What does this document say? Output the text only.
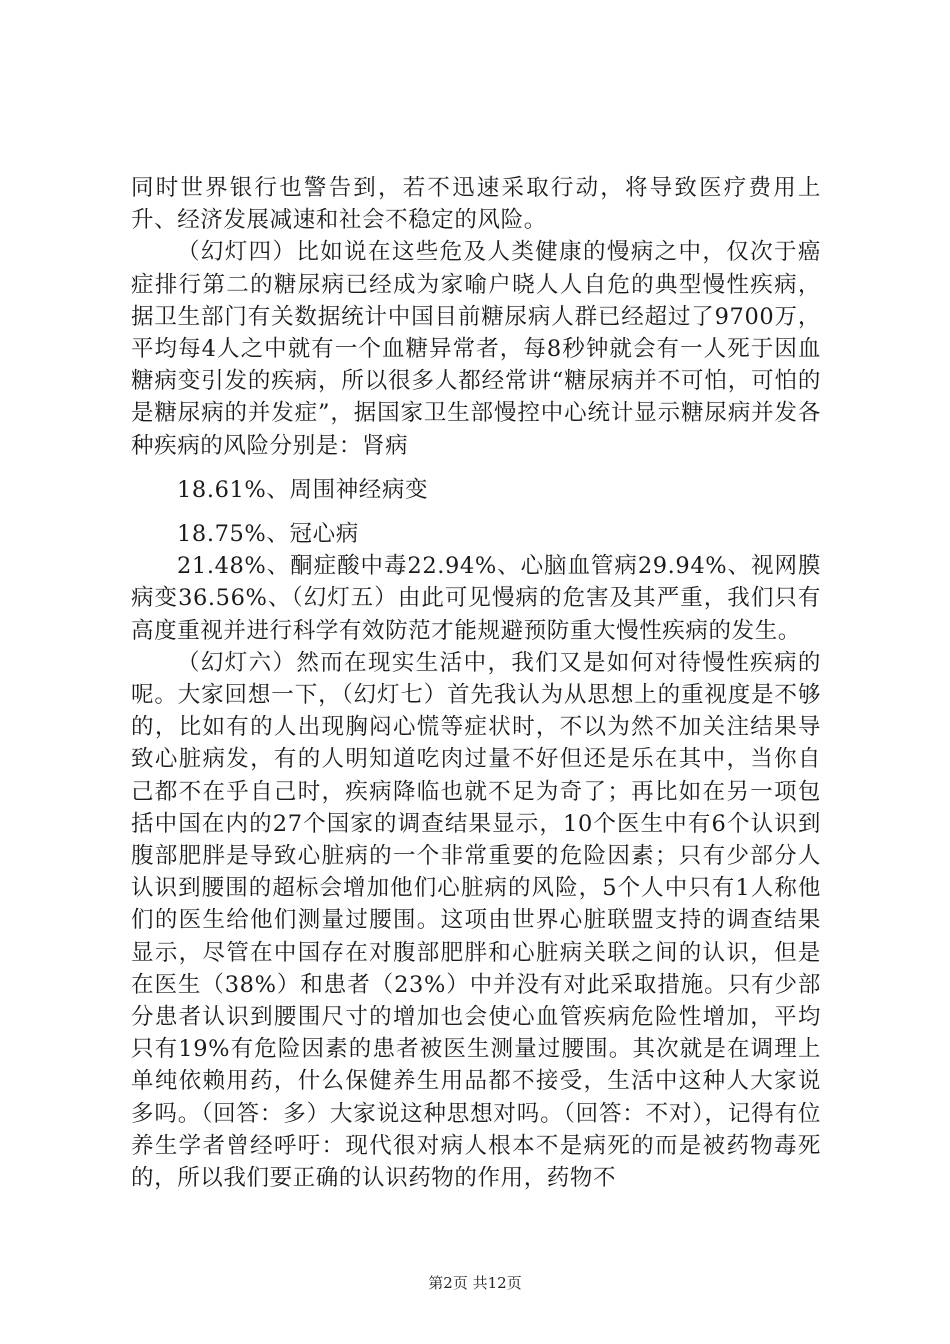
同时世界银行也警告到，若不迅速采取行动，将导致医疗费用上升、经济发展减速和社会不稳定的风险。

（幻灯四）比如说在这些危及人类健康的慢病之中，仅次于癌症排行第二的糖尿病已经成为家喻户晓人人自危的典型慢性疾病，据卫生部门有关数据统计中国目前糖尿病人群已经超过了9700万，平均每4人之中就有一个血糖异常者，每8秒钟就会有一人死于因血糖病变引发的疾病，所以很多人都经常讲“糖尿病并不可怕，可怕的是糖尿病的并发症”，据国家卫生部慢控中心统计显示糖尿病并发各种疾病的风险分别是：肾病

18.61%、周围神经病变

18.75%、冠心病

21.48%、酮症酸中毒22.94%、心脑血管病29.94%、视网膜病变36.56%、（幻灯五）由此可见慢病的危害及其严重，我们只有高度重视并进行科学有效防范才能规避预防重大慢性疾病的发生。

（幻灯六）然而在现实生活中，我们又是如何对待慢性疾病的呢。大家回想一下，（幻灯七）首先我认为从思想上的重视度是不够的，比如有的人出现胸闷心慌等症状时，不以为然不加关注结果导致心脏病发，有的人明知道吃肉过量不好但还是乐在其中，当你自己都不在乎自己时，疾病降临也就不足为奇了；再比如在另一项包括中国在内的27个国家的调查结果显示，10个医生中有6个认识到腹部肥胖是导致心脏病的一个非常重要的危险因素；只有少部分人认识到腰围的超标会增加他们心脏病的风险，5个人中只有1人称他们的医生给他们测量过腰围。这项由世界心脏联盟支持的调查结果显示，尽管在中国存在对腹部肥胖和心脏病关联之间的认识，但是在医生（38%）和患者（23%）中并没有对此采取措施。只有少部分患者认识到腰围尺寸的增加也会使心血管疾病危险性增加，平均只有19%有危险因素的患者被医生测量过腰围。其次就是在调理上单纯依赖用药，什么保健养生用品都不接受，生活中这种人大家说多吗。（回答：多）大家说这种思想对吗。（回答：不对），记得有位养生学者曾经呼吁：现代很对病人根本不是病死的而是被药物毒死的，所以我们要正确的认识药物的作用，药物不

第2页 共12页
